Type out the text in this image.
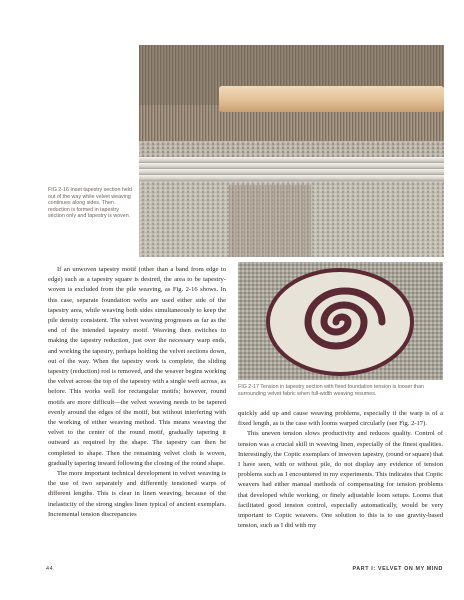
FIG 2-16 Inset tapestry section held out of the way while velvet weaving continues along sides. Then reduction is formed in tapestry section only and tapestry is woven.
FIG 2-17 Tension in tapestry section with fixed foundation tension is looser than surrounding velvet fabric when full-width weaving resumes.

If an unwoven tapestry motif (other than a band from edge to edge) such as a tapestry square is desired, the area to be tapestry-woven is excluded from the pile weaving, as Fig. 2-16 shows. In this case, separate foundation wefts are used either side of the tapestry area, while weaving both sides simultaneously to keep the pile density consistent. The velvet weaving progresses as far as the end of the intended tapestry motif. Weaving then switches to making the tapestry reduction, just over the necessary warp ends, and working the tapestry, perhaps holding the velvet sections down, out of the way. When the tapestry work is complete, the sliding tapestry (reduction) rod is removed, and the weaver begins working the velvet across the top of the tapestry with a single weft across, as before. This works well for rectangular motifs; however, round motifs are more difficult—the velvet weaving needs to be tapered evenly around the edges of the motif, but without interfering with the working of either weaving method. This means weaving the velvet to the center of the round motif, gradually tapering it outward as required by the shape. The tapestry can then be completed to shape. Then the remaining velvet cloth is woven, gradually tapering inward following the closing of the round shape.

The more important technical development in velvet weaving is the use of two separately and differently tensioned warps of different lengths. This is clear in linen weaving, because of the inelasticity of the strong singles linen typical of ancient exemplars. Incremental tension discrepancies

quickly add up and cause weaving problems, especially if the warp is of a fixed length, as is the case with looms warped circularly (see Fig. 2-17).

This uneven tension slows productivity and reduces quality. Control of tension was a crucial skill in weaving linen, especially of the finest qualities. Interestingly, the Coptic exemplars of inwoven tapestry, (round or square) that I have seen, with or without pile, do not display any evidence of tension problems such as I encountered in my experiments. This indicates that Coptic weavers had either manual methods of compensating for tension problems that developed while working, or finely adjustable loom setups. Looms that facilitated good tension control, especially automatically, would be very important to Coptic weavers. One solution to this is to use gravity-based tension, such as I did with my

44	PART I: VELVET ON MY MIND
